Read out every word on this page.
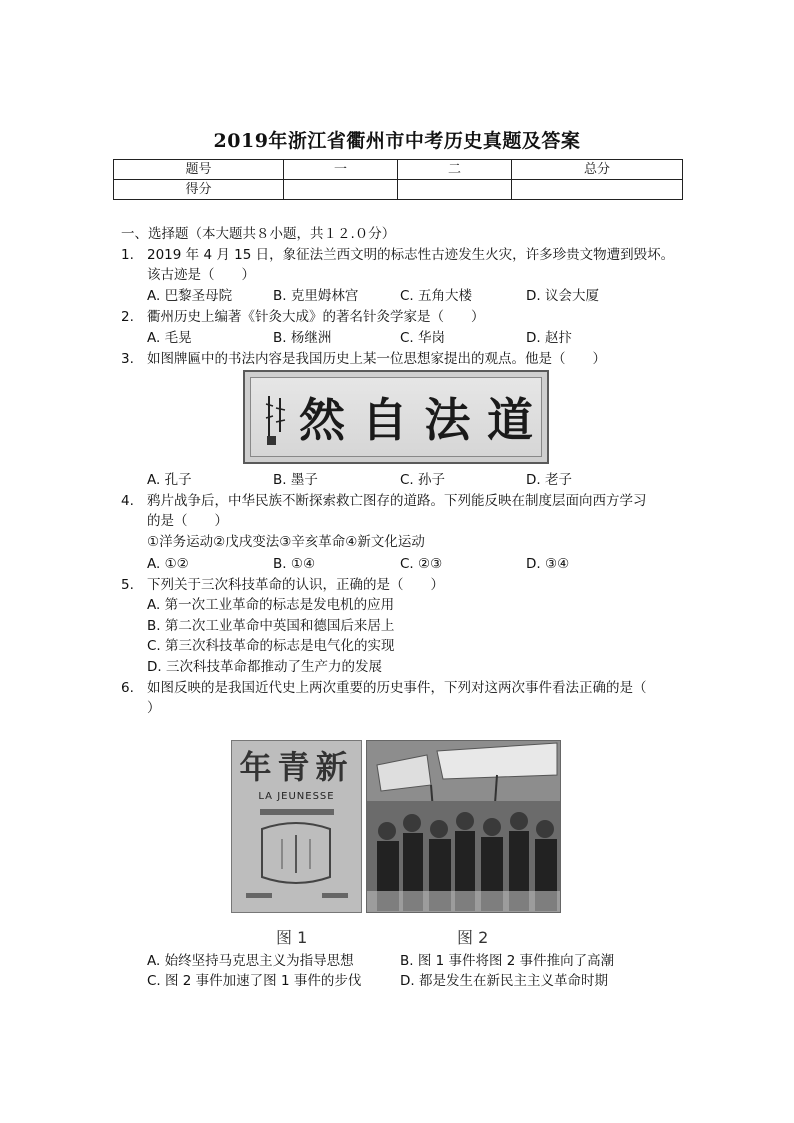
2019年浙江省衢州市中考历史真题及答案
题号	一	二	总分
得分			
一、选择题（本大题共８小题，共１２.０分）
1. 2019 年 4 月 15 日，象征法兰西文明的标志性古迹发生火灾，许多珍贵文物遭到毁坏。
该古迹是（　　）
A. 巴黎圣母院	B. 克里姆林宫	C. 五角大楼	D. 议会大厦
2. 衢州历史上编著《针灸大成》的著名针灸学家是（　　）
A. 毛晃	B. 杨继洲	C. 华岗	D. 赵抃
3. 如图牌匾中的书法内容是我国历史上某一位思想家提出的观点。他是（　　）
然 自 法 道
A. 孔子	B. 墨子	C. 孙子	D. 老子
4. 鸦片战争后，中华民族不断探索救亡图存的道路。下列能反映在制度层面向西方学习
的是（　　）
①洋务运动②戊戌变法③辛亥革命④新文化运动
A. ①②	B. ①④	C. ②③	D. ③④
5. 下列关于三次科技革命的认识，正确的是（　　）
A. 第一次工业革命的标志是发电机的应用
B. 第二次工业革命中英国和德国后来居上
C. 第三次科技革命的标志是电气化的实现
D. 三次科技革命都推动了生产力的发展
6. 如图反映的是我国近代史上两次重要的历史事件，下列对这两次事件看法正确的是（
）
年青新
LA JEUNESSE
图 1	图 2
A. 始终坚持马克思主义为指导思想	B. 图 1 事件将图 2 事件推向了高潮
C. 图 2 事件加速了图 1 事件的步伐	D. 都是发生在新民主主义革命时期
